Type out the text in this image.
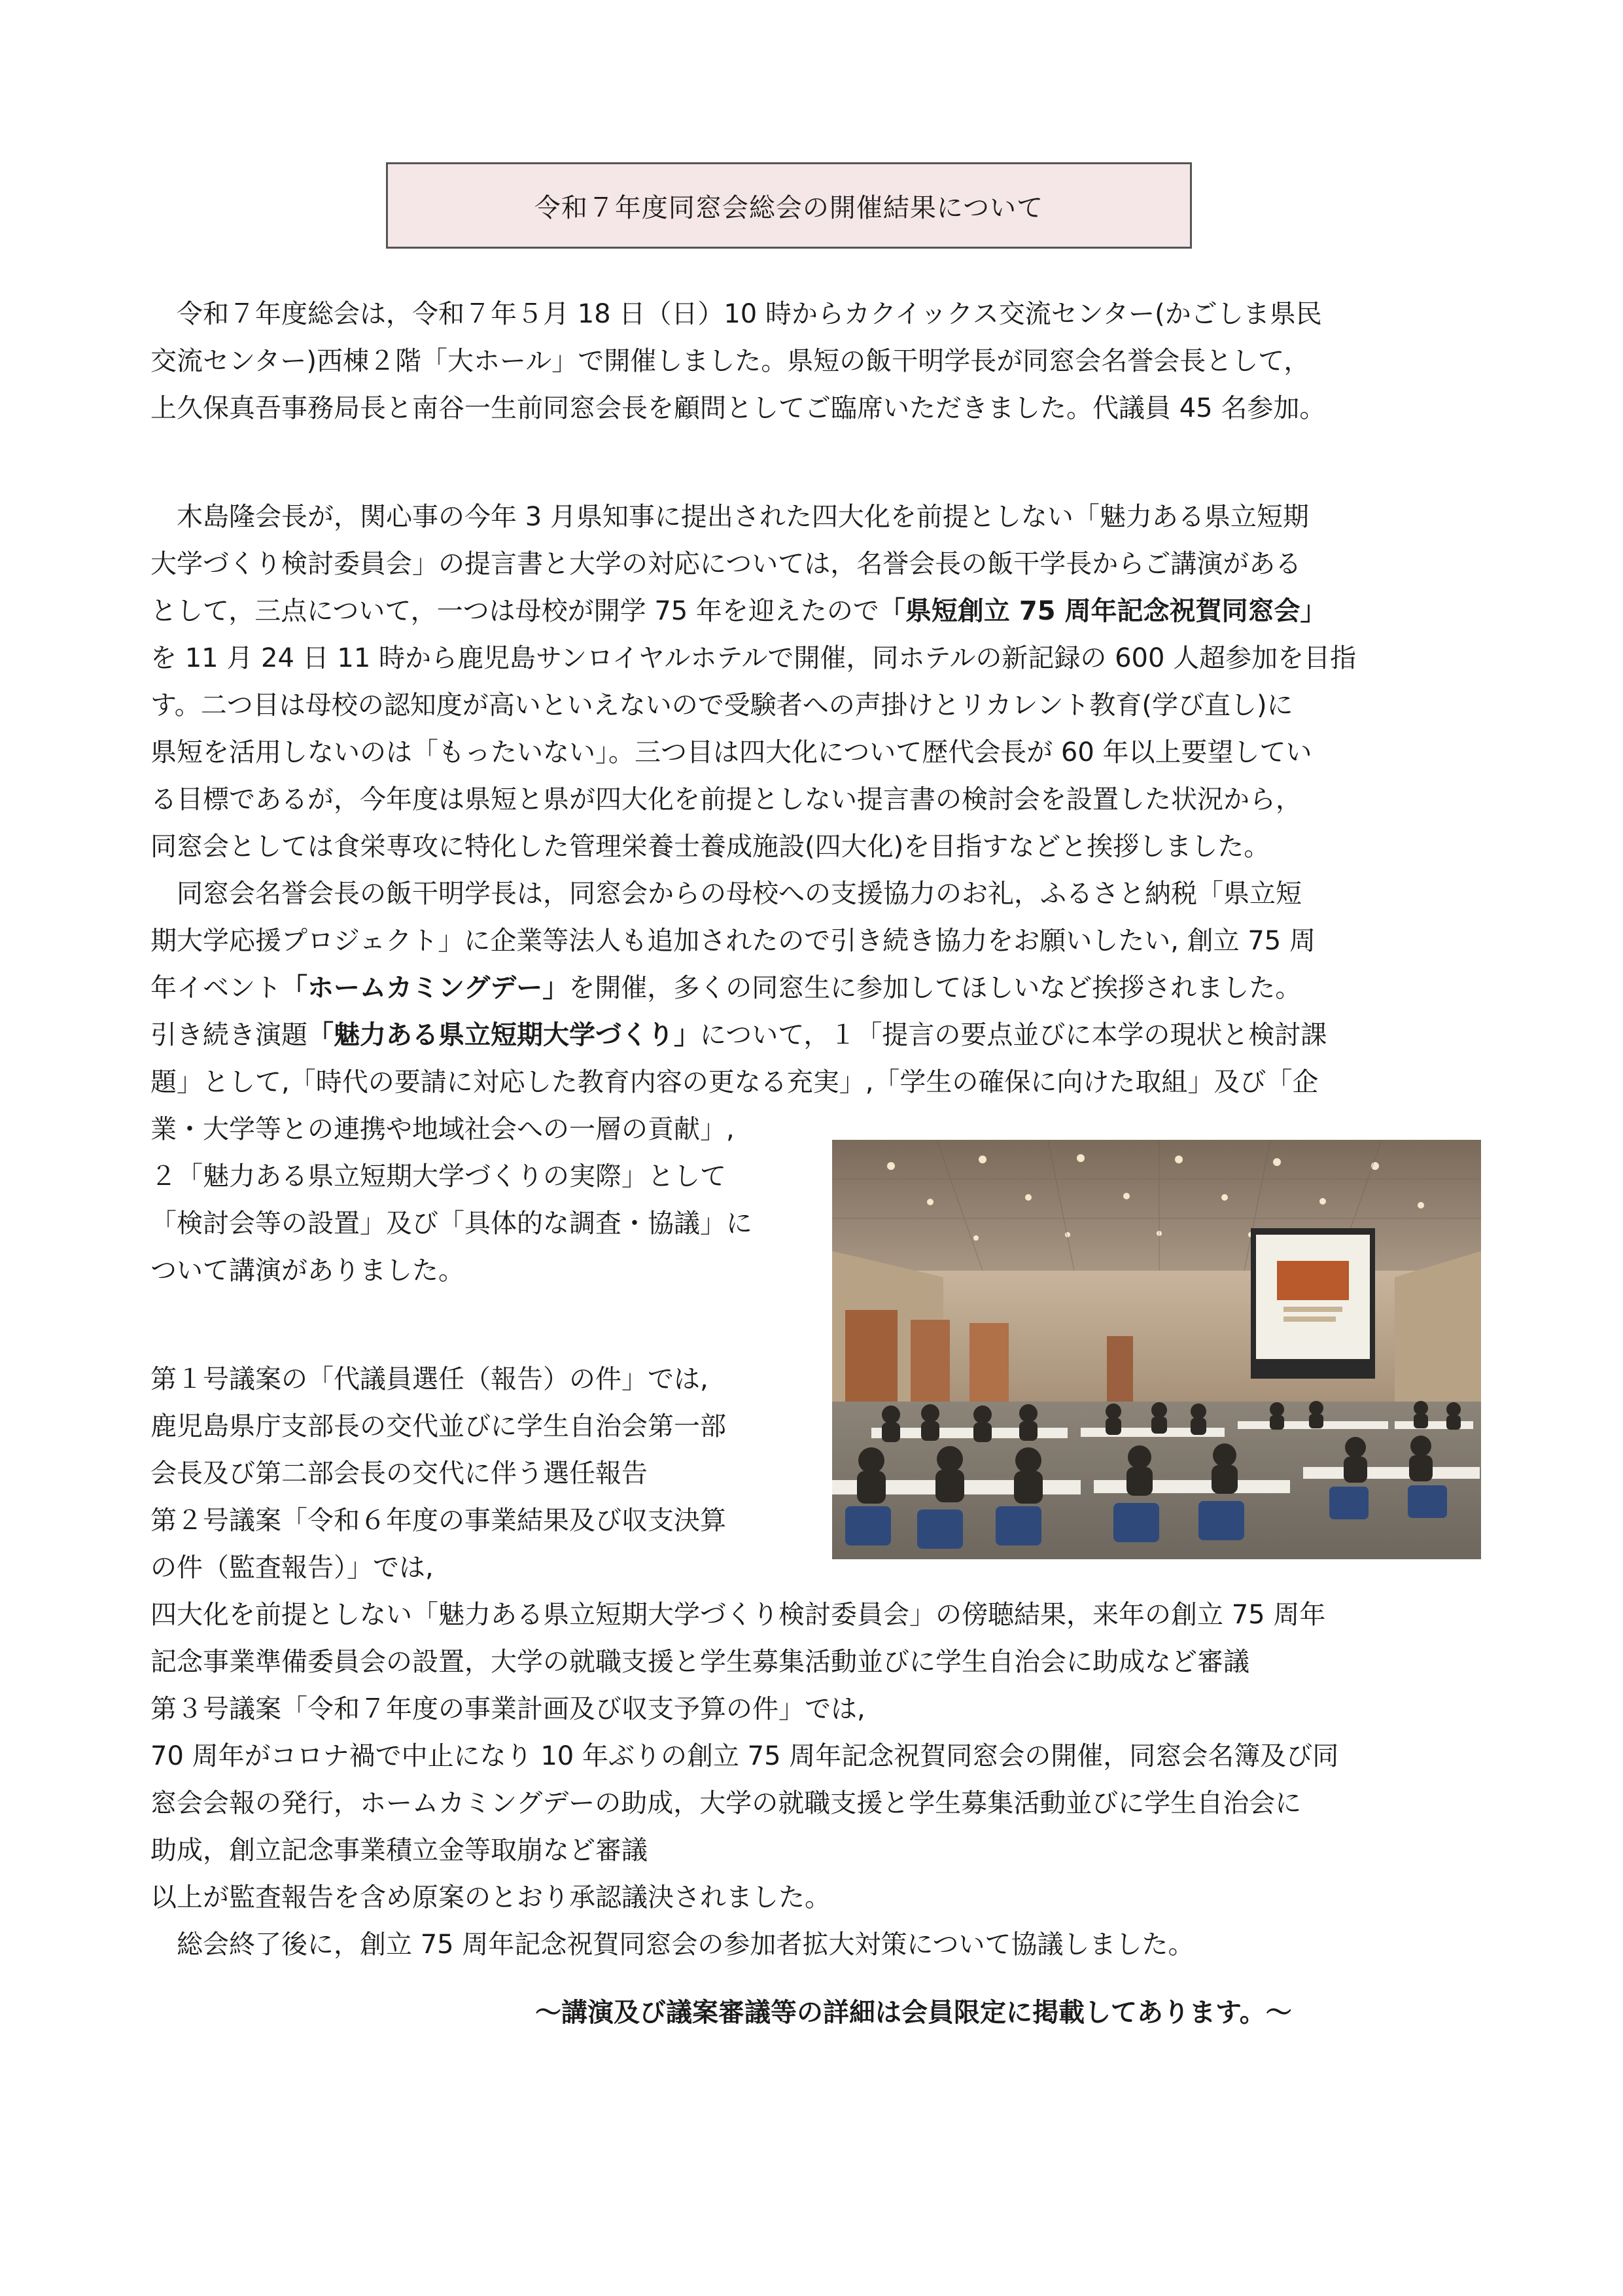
令和７年度同窓会総会の開催結果について
　令和７年度総会は，令和７年５月 18 日（日）10 時からカクイックス交流センター(かごしま県民
交流センター)西棟２階「大ホール」で開催しました。県短の飯干明学長が同窓会名誉会長として，
上久保真吾事務局長と南谷一生前同窓会長を顧問としてご臨席いただきました。代議員 45 名参加。
　木島隆会長が，関心事の今年 3 月県知事に提出された四大化を前提としない「魅力ある県立短期
大学づくり検討委員会」の提言書と大学の対応については，名誉会長の飯干学長からご講演がある
として，三点について，一つは母校が開学 75 年を迎えたので「県短創立 75 周年記念祝賀同窓会」
を 11 月 24 日 11 時から鹿児島サンロイヤルホテルで開催，同ホテルの新記録の 600 人超参加を目指
す。二つ目は母校の認知度が高いといえないので受験者への声掛けとリカレント教育(学び直し)に
県短を活用しないのは「もったいない」。三つ目は四大化について歴代会長が 60 年以上要望してい
る目標であるが，今年度は県短と県が四大化を前提としない提言書の検討会を設置した状況から，
同窓会としては食栄専攻に特化した管理栄養士養成施設(四大化)を目指すなどと挨拶しました。
　同窓会名誉会長の飯干明学長は，同窓会からの母校への支援協力のお礼，ふるさと納税「県立短
期大学応援プロジェクト」に企業等法人も追加されたので引き続き協力をお願いしたい, 創立 75 周
年イベント「ホームカミングデー」を開催，多くの同窓生に参加してほしいなど挨拶されました。
引き続き演題「魅力ある県立短期大学づくり」について，１「提言の要点並びに本学の現状と検討課
題」として,「時代の要請に対応した教育内容の更なる充実」,「学生の確保に向けた取組」及び「企
業・大学等との連携や地域社会への一層の貢献」,
２「魅力ある県立短期大学づくりの実際」として
「検討会等の設置」及び「具体的な調査・協議」に
ついて講演がありました。
第１号議案の「代議員選任（報告）の件」では,
鹿児島県庁支部長の交代並びに学生自治会第一部
会長及び第二部会長の交代に伴う選任報告
第２号議案「令和６年度の事業結果及び収支決算
の件（監査報告）」では,
四大化を前提としない「魅力ある県立短期大学づくり検討委員会」の傍聴結果，来年の創立 75 周年
記念事業準備委員会の設置，大学の就職支援と学生募集活動並びに学生自治会に助成など審議
第３号議案「令和７年度の事業計画及び収支予算の件」では,
70 周年がコロナ禍で中止になり 10 年ぶりの創立 75 周年記念祝賀同窓会の開催，同窓会名簿及び同
窓会会報の発行，ホームカミングデーの助成，大学の就職支援と学生募集活動並びに学生自治会に
助成，創立記念事業積立金等取崩など審議
以上が監査報告を含め原案のとおり承認議決されました。
　総会終了後に，創立 75 周年記念祝賀同窓会の参加者拡大対策について協議しました。
～講演及び議案審議等の詳細は会員限定に掲載してあります。～
